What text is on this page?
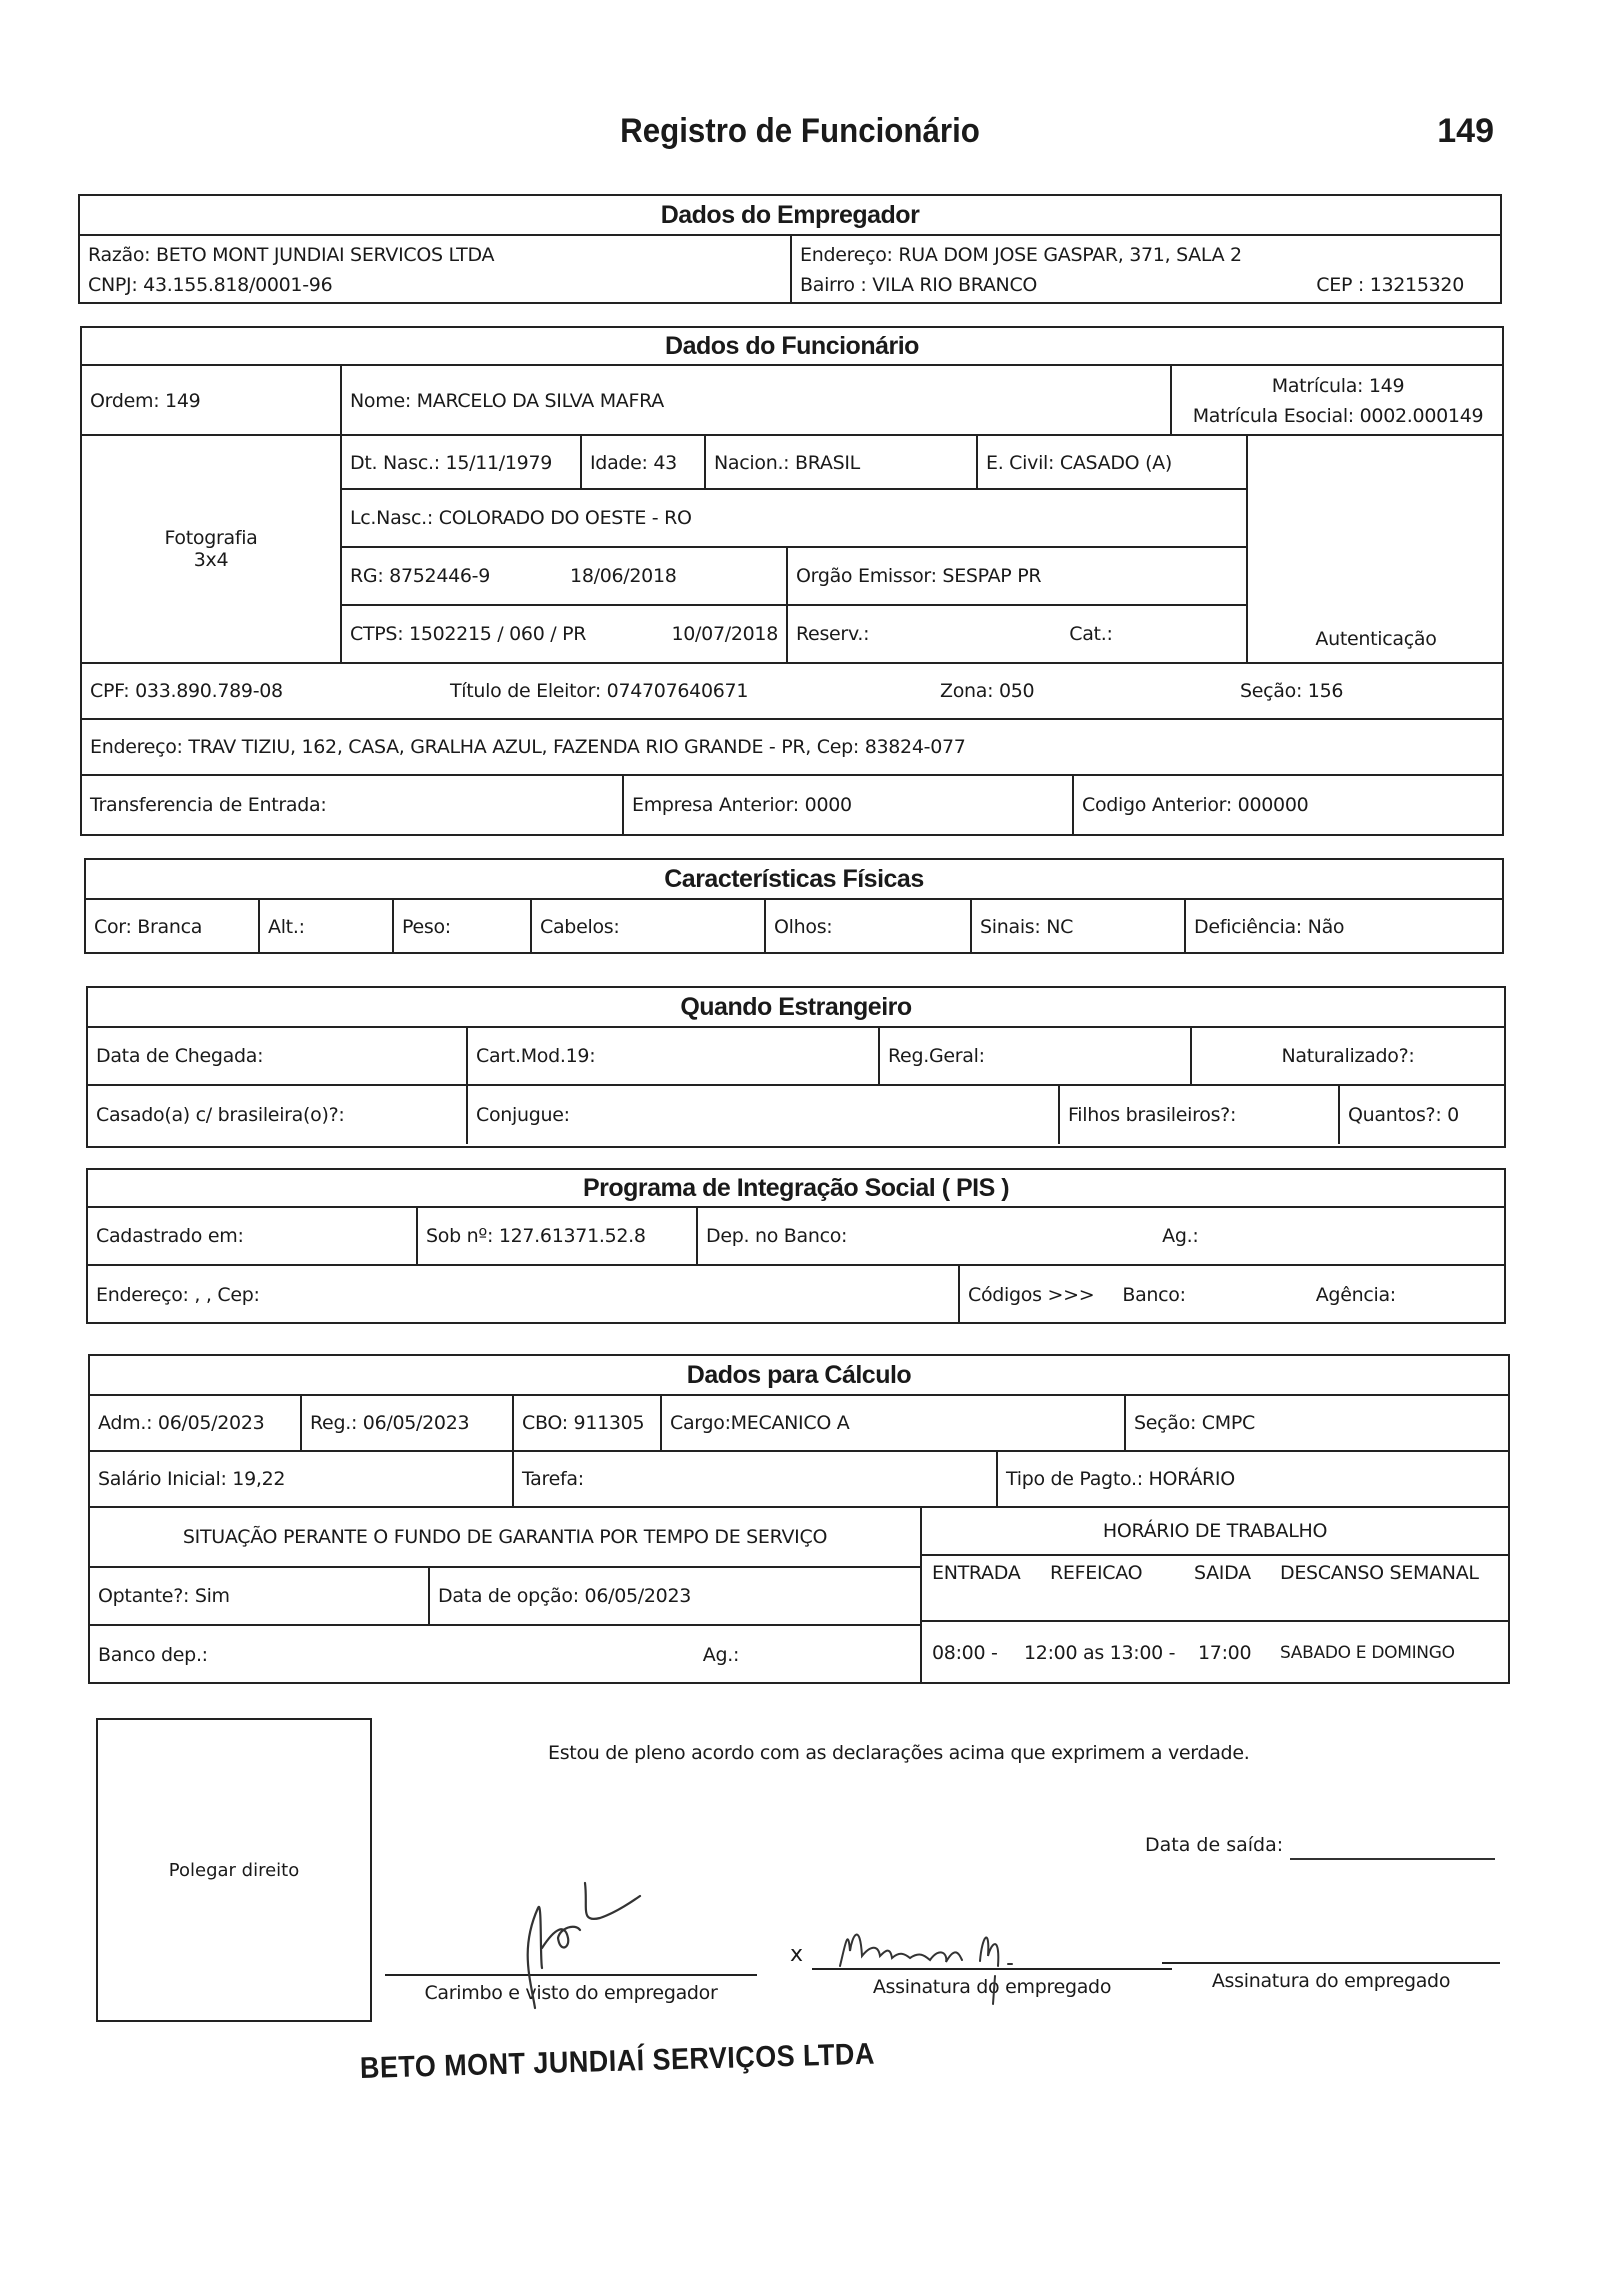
Registro de Funcionário	149
Dados do Empregador
Razão: BETO MONT JUNDIAI SERVICOS LTDA
CNPJ: 43.155.818/0001-96
Endereço: RUA DOM JOSE GASPAR, 371, SALA 2
Bairro : VILA RIO BRANCO	CEP : 13215320
Dados do Funcionário
Ordem: 149	Nome: MARCELO DA SILVA MAFRA
Matrícula: 149
Matrícula Esocial: 0002.000149
Fotografia
3x4
Dt. Nasc.: 15/11/1979 Idade: 43 Nacion.: BRASIL	E. Civil: CASADO (A)
Autenticação
Lc.Nasc.: COLORADO DO OESTE - RO
RG: 8752446-9	18/06/2018	Orgão Emissor: SESPAP PR
CTPS: 1502215 / 060 / PR	10/07/2018 Reserv.:	Cat.:
CPF: 033.890.789-08	Título de Eleitor: 074707640671	Zona: 050	Seção: 156
Endereço: TRAV TIZIU, 162, CASA, GRALHA AZUL, FAZENDA RIO GRANDE - PR, Cep: 83824-077
Transferencia de Entrada:	Empresa Anterior: 0000	Codigo Anterior: 000000
Características Físicas
Cor: Branca	Alt.:	Peso:	Cabelos:	Olhos:	Sinais: NC	Deficiência: Não
Quando Estrangeiro
Data de Chegada:	Cart.Mod.19:	Reg.Geral:	Naturalizado?:
Casado(a) c/ brasileira(o)?:	Conjugue:	Filhos brasileiros?:	Quantos?: 0
Programa de Integração Social ( PIS )
Cadastrado em:	Sob nº: 127.61371.52.8	Dep. no Banco:	Ag.:
Endereço: , , Cep:	Códigos >>> Banco:	Agência:
Dados para Cálculo
Adm.: 06/05/2023 Reg.: 06/05/2023	CBO: 911305 Cargo:MECANICO A	Seção: CMPC
Salário Inicial: 19,22	Tarefa:	Tipo de Pagto.: HORÁRIO
SITUAÇÃO PERANTE O FUNDO DE GARANTIA POR TEMPO DE SERVIÇO
Optante?: Sim	Data de opção: 06/05/2023
Banco dep.:	Ag.:
HORÁRIO DE TRABALHO
ENTRADA	REFEICAO	SAIDA	DESCANSO SEMANAL
08:00 -	12:00 as 13:00 -	17:00	SABADO E DOMINGO
Polegar direito
Estou de pleno acordo com as declarações acima que exprimem a verdade.
Data de saída:
Carimbo e visto do empregador
x
Assinatura do empregado	Assinatura do empregado
BETO MONT JUNDIAÍ SERVIÇOS LTDA
